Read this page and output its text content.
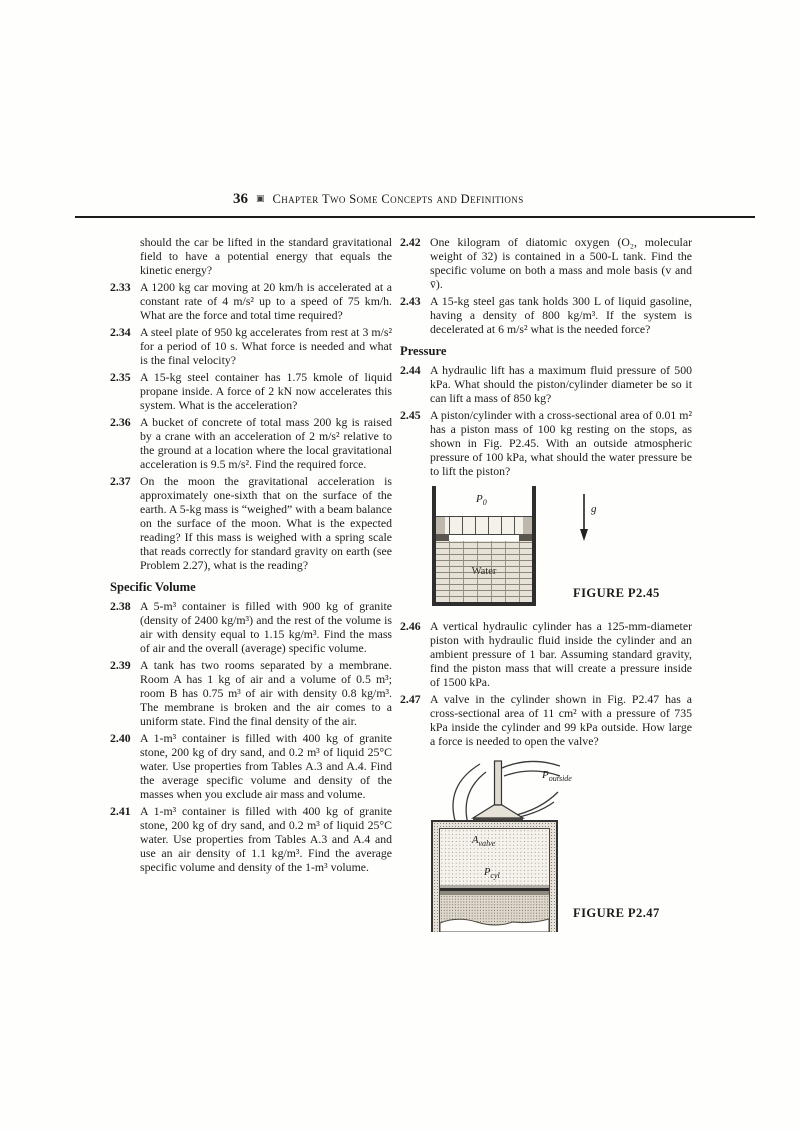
36 ▣ Chapter Two Some Concepts and Definitions

should the car be lifted in the standard gravitational field to have a potential energy that equals the kinetic energy?

2.33 A 1200 kg car moving at 20 km/h is accelerated at a constant rate of 4 m/s² up to a speed of 75 km/h. What are the force and total time required?
2.34 A steel plate of 950 kg accelerates from rest at 3 m/s² for a period of 10 s. What force is needed and what is the final velocity?
2.35 A 15-kg steel container has 1.75 kmole of liquid propane inside. A force of 2 kN now accelerates this system. What is the acceleration?
2.36 A bucket of concrete of total mass 200 kg is raised by a crane with an acceleration of 2 m/s² relative to the ground at a location where the local gravitational acceleration is 9.5 m/s². Find the required force.
2.37 On the moon the gravitational acceleration is approximately one-sixth that on the surface of the earth. A 5-kg mass is “weighed” with a beam balance on the surface of the moon. What is the expected reading? If this mass is weighed with a spring scale that reads correctly for standard gravity on earth (see Problem 2.27), what is the reading?
Specific Volume
2.38 A 5-m³ container is filled with 900 kg of granite (density of 2400 kg/m³) and the rest of the volume is air with density equal to 1.15 kg/m³. Find the mass of air and the overall (average) specific volume.
2.39 A tank has two rooms separated by a membrane. Room A has 1 kg of air and a volume of 0.5 m³; room B has 0.75 m³ of air with density 0.8 kg/m³. The membrane is broken and the air comes to a uniform state. Find the final density of the air.
2.40 A 1-m³ container is filled with 400 kg of granite stone, 200 kg of dry sand, and 0.2 m³ of liquid 25°C water. Use properties from Tables A.3 and A.4. Find the average specific volume and density of the masses when you exclude air mass and volume.
2.41 A 1-m³ container is filled with 400 kg of granite stone, 200 kg of dry sand, and 0.2 m³ of liquid 25°C water. Use properties from Tables A.3 and A.4 and use an air density of 1.1 kg/m³. Find the average specific volume and density of the 1-m³ volume.
2.42 One kilogram of diatomic oxygen (O₂, molecular weight of 32) is contained in a 500-L tank. Find the specific volume on both a mass and mole basis (v and v̄).
2.43 A 15-kg steel gas tank holds 300 L of liquid gasoline, having a density of 800 kg/m³. If the system is decelerated at 6 m/s² what is the needed force?
Pressure
2.44 A hydraulic lift has a maximum fluid pressure of 500 kPa. What should the piston/cylinder diameter be so it can lift a mass of 850 kg?
2.45 A piston/cylinder with a cross-sectional area of 0.01 m² has a piston mass of 100 kg resting on the stops, as shown in Fig. P2.45. With an outside atmospheric pressure of 100 kPa, what should the water pressure be to lift the piston?
$P_0$
Water
g
FIGURE P2.45
2.46 A vertical hydraulic cylinder has a 125-mm-diameter piston with hydraulic fluid inside the cylinder and an ambient pressure of 1 bar. Assuming standard gravity, find the piston mass that will create a pressure inside of 1500 kPa.
2.47 A valve in the cylinder shown in Fig. P2.47 has a cross-sectional area of 11 cm² with a pressure of 735 kPa inside the cylinder and 99 kPa outside. How large a force is needed to open the valve?
$P_{outside}$
$A_{valve}$
$P_{cyl}$
FIGURE P2.47
